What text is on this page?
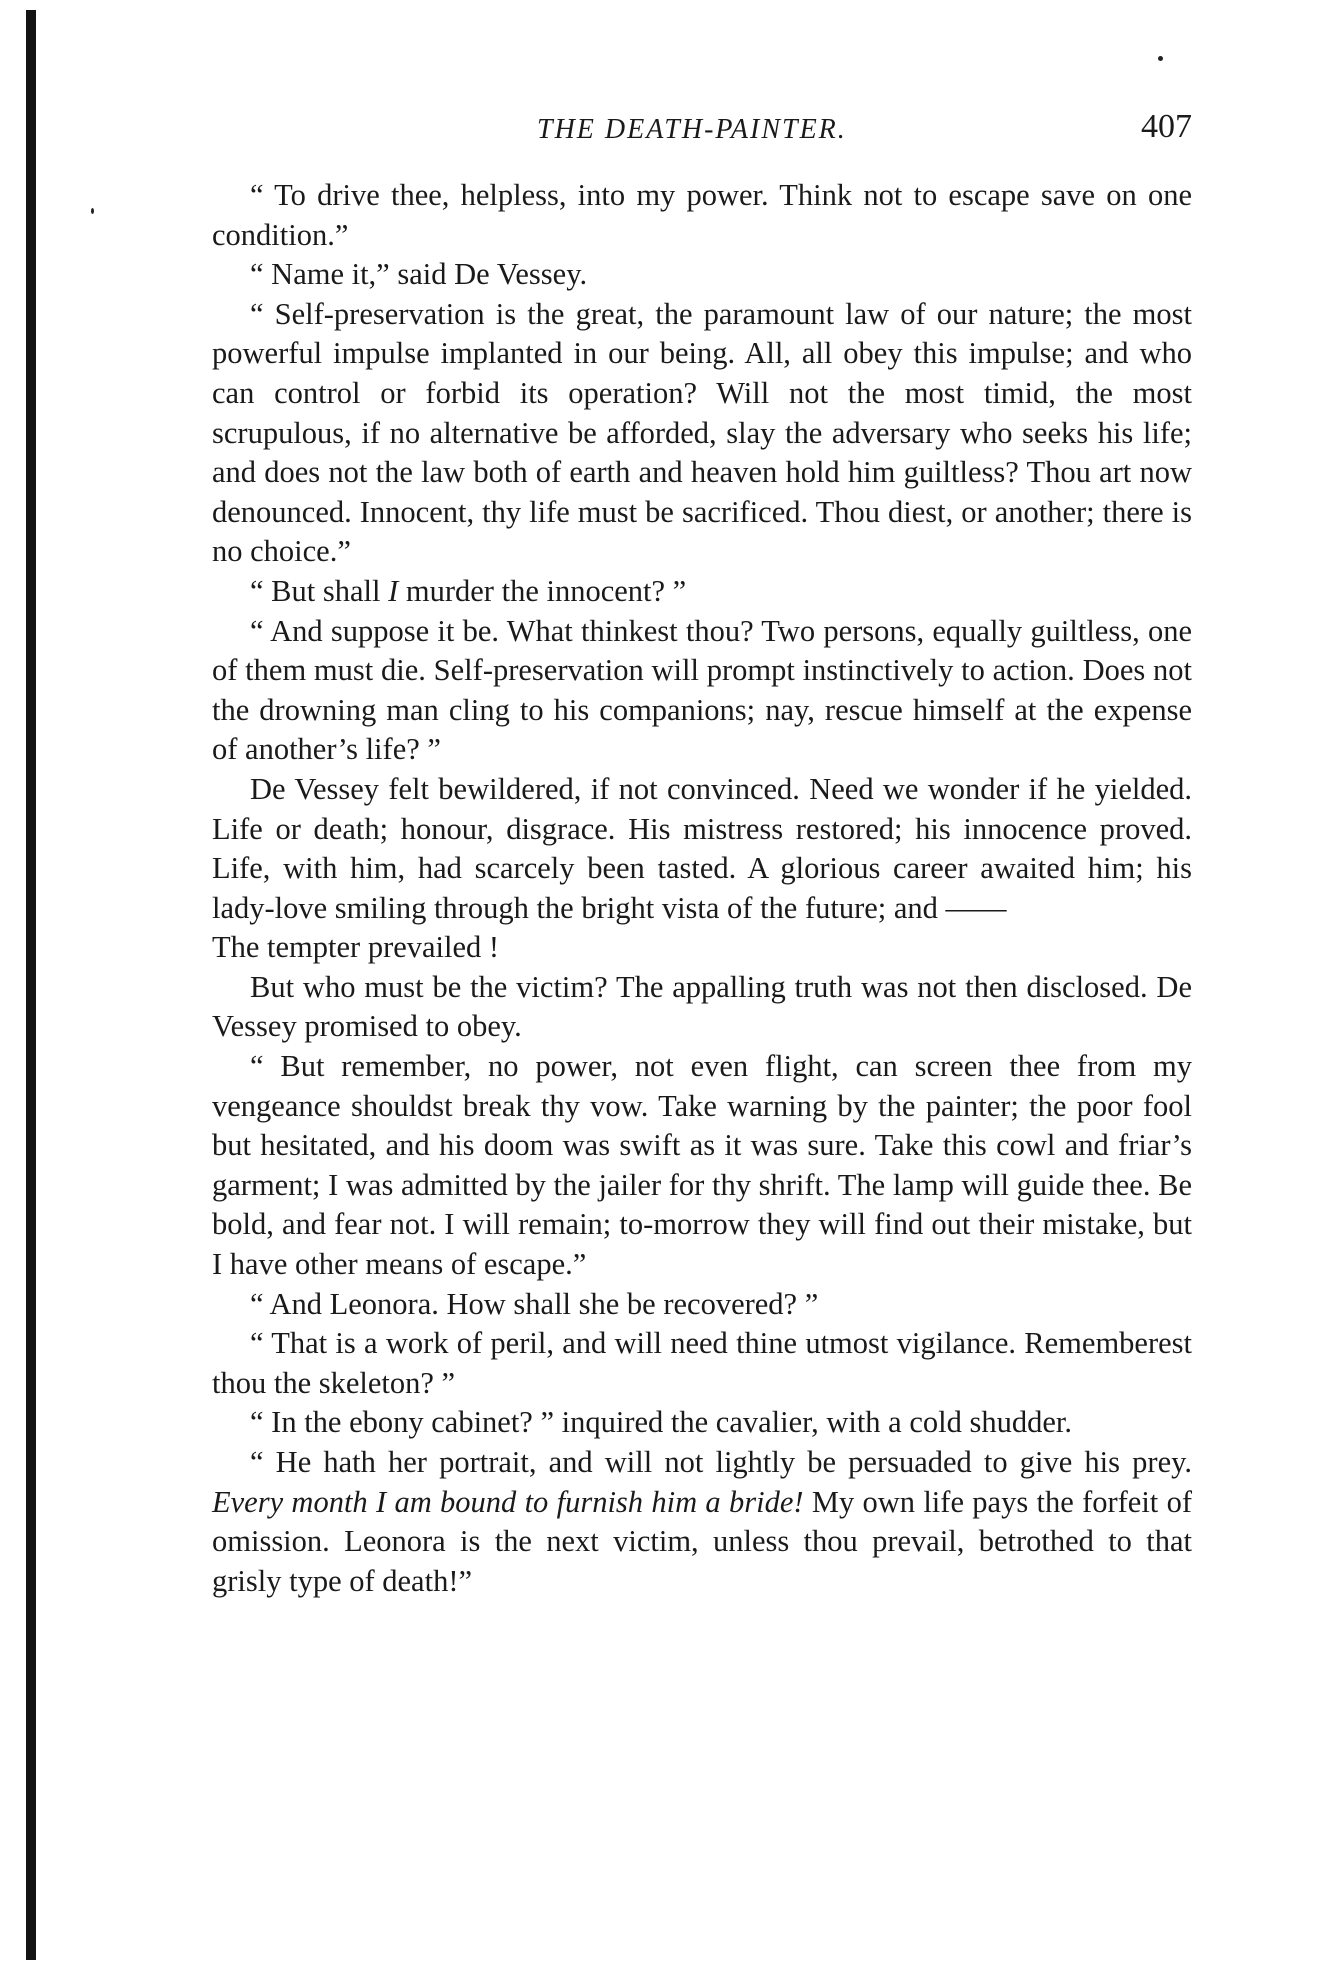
THE DEATH-PAINTER.	407

“ To drive thee, helpless, into my power. Think not to escape save on one condition.”

“ Name it,” said De Vessey.

“ Self-preservation is the great, the paramount law of our nature; the most powerful impulse implanted in our being. All, all obey this impulse; and who can control or forbid its operation? Will not the most timid, the most scrupulous, if no alternative be afforded, slay the adversary who seeks his life; and does not the law both of earth and heaven hold him guiltless? Thou art now denounced. Innocent, thy life must be sacrificed. Thou diest, or another; there is no choice.”

“ But shall I murder the innocent? ”

“ And suppose it be. What thinkest thou? Two persons, equally guiltless, one of them must die. Self-preservation will prompt instinctively to action. Does not the drowning man cling to his companions; nay, rescue himself at the expense of another’s life? ”

De Vessey felt bewildered, if not convinced. Need we wonder if he yielded. Life or death; honour, disgrace. His mistress restored; his innocence proved. Life, with him, had scarcely been tasted. A glorious career awaited him; his lady-love smiling through the bright vista of the future; and ——

The tempter prevailed !

But who must be the victim? The appalling truth was not then disclosed. De Vessey promised to obey.

“ But remember, no power, not even flight, can screen thee from my vengeance shouldst break thy vow. Take warning by the painter; the poor fool but hesitated, and his doom was swift as it was sure. Take this cowl and friar’s garment; I was admitted by the jailer for thy shrift. The lamp will guide thee. Be bold, and fear not. I will remain; to-morrow they will find out their mistake, but I have other means of escape.”

“ And Leonora. How shall she be recovered? ”

“ That is a work of peril, and will need thine utmost vigilance. Rememberest thou the skeleton? ”

“ In the ebony cabinet? ” inquired the cavalier, with a cold shudder.

“ He hath her portrait, and will not lightly be persuaded to give his prey. Every month I am bound to furnish him a bride! My own life pays the forfeit of omission. Leonora is the next victim, unless thou prevail, betrothed to that grisly type of death!”
